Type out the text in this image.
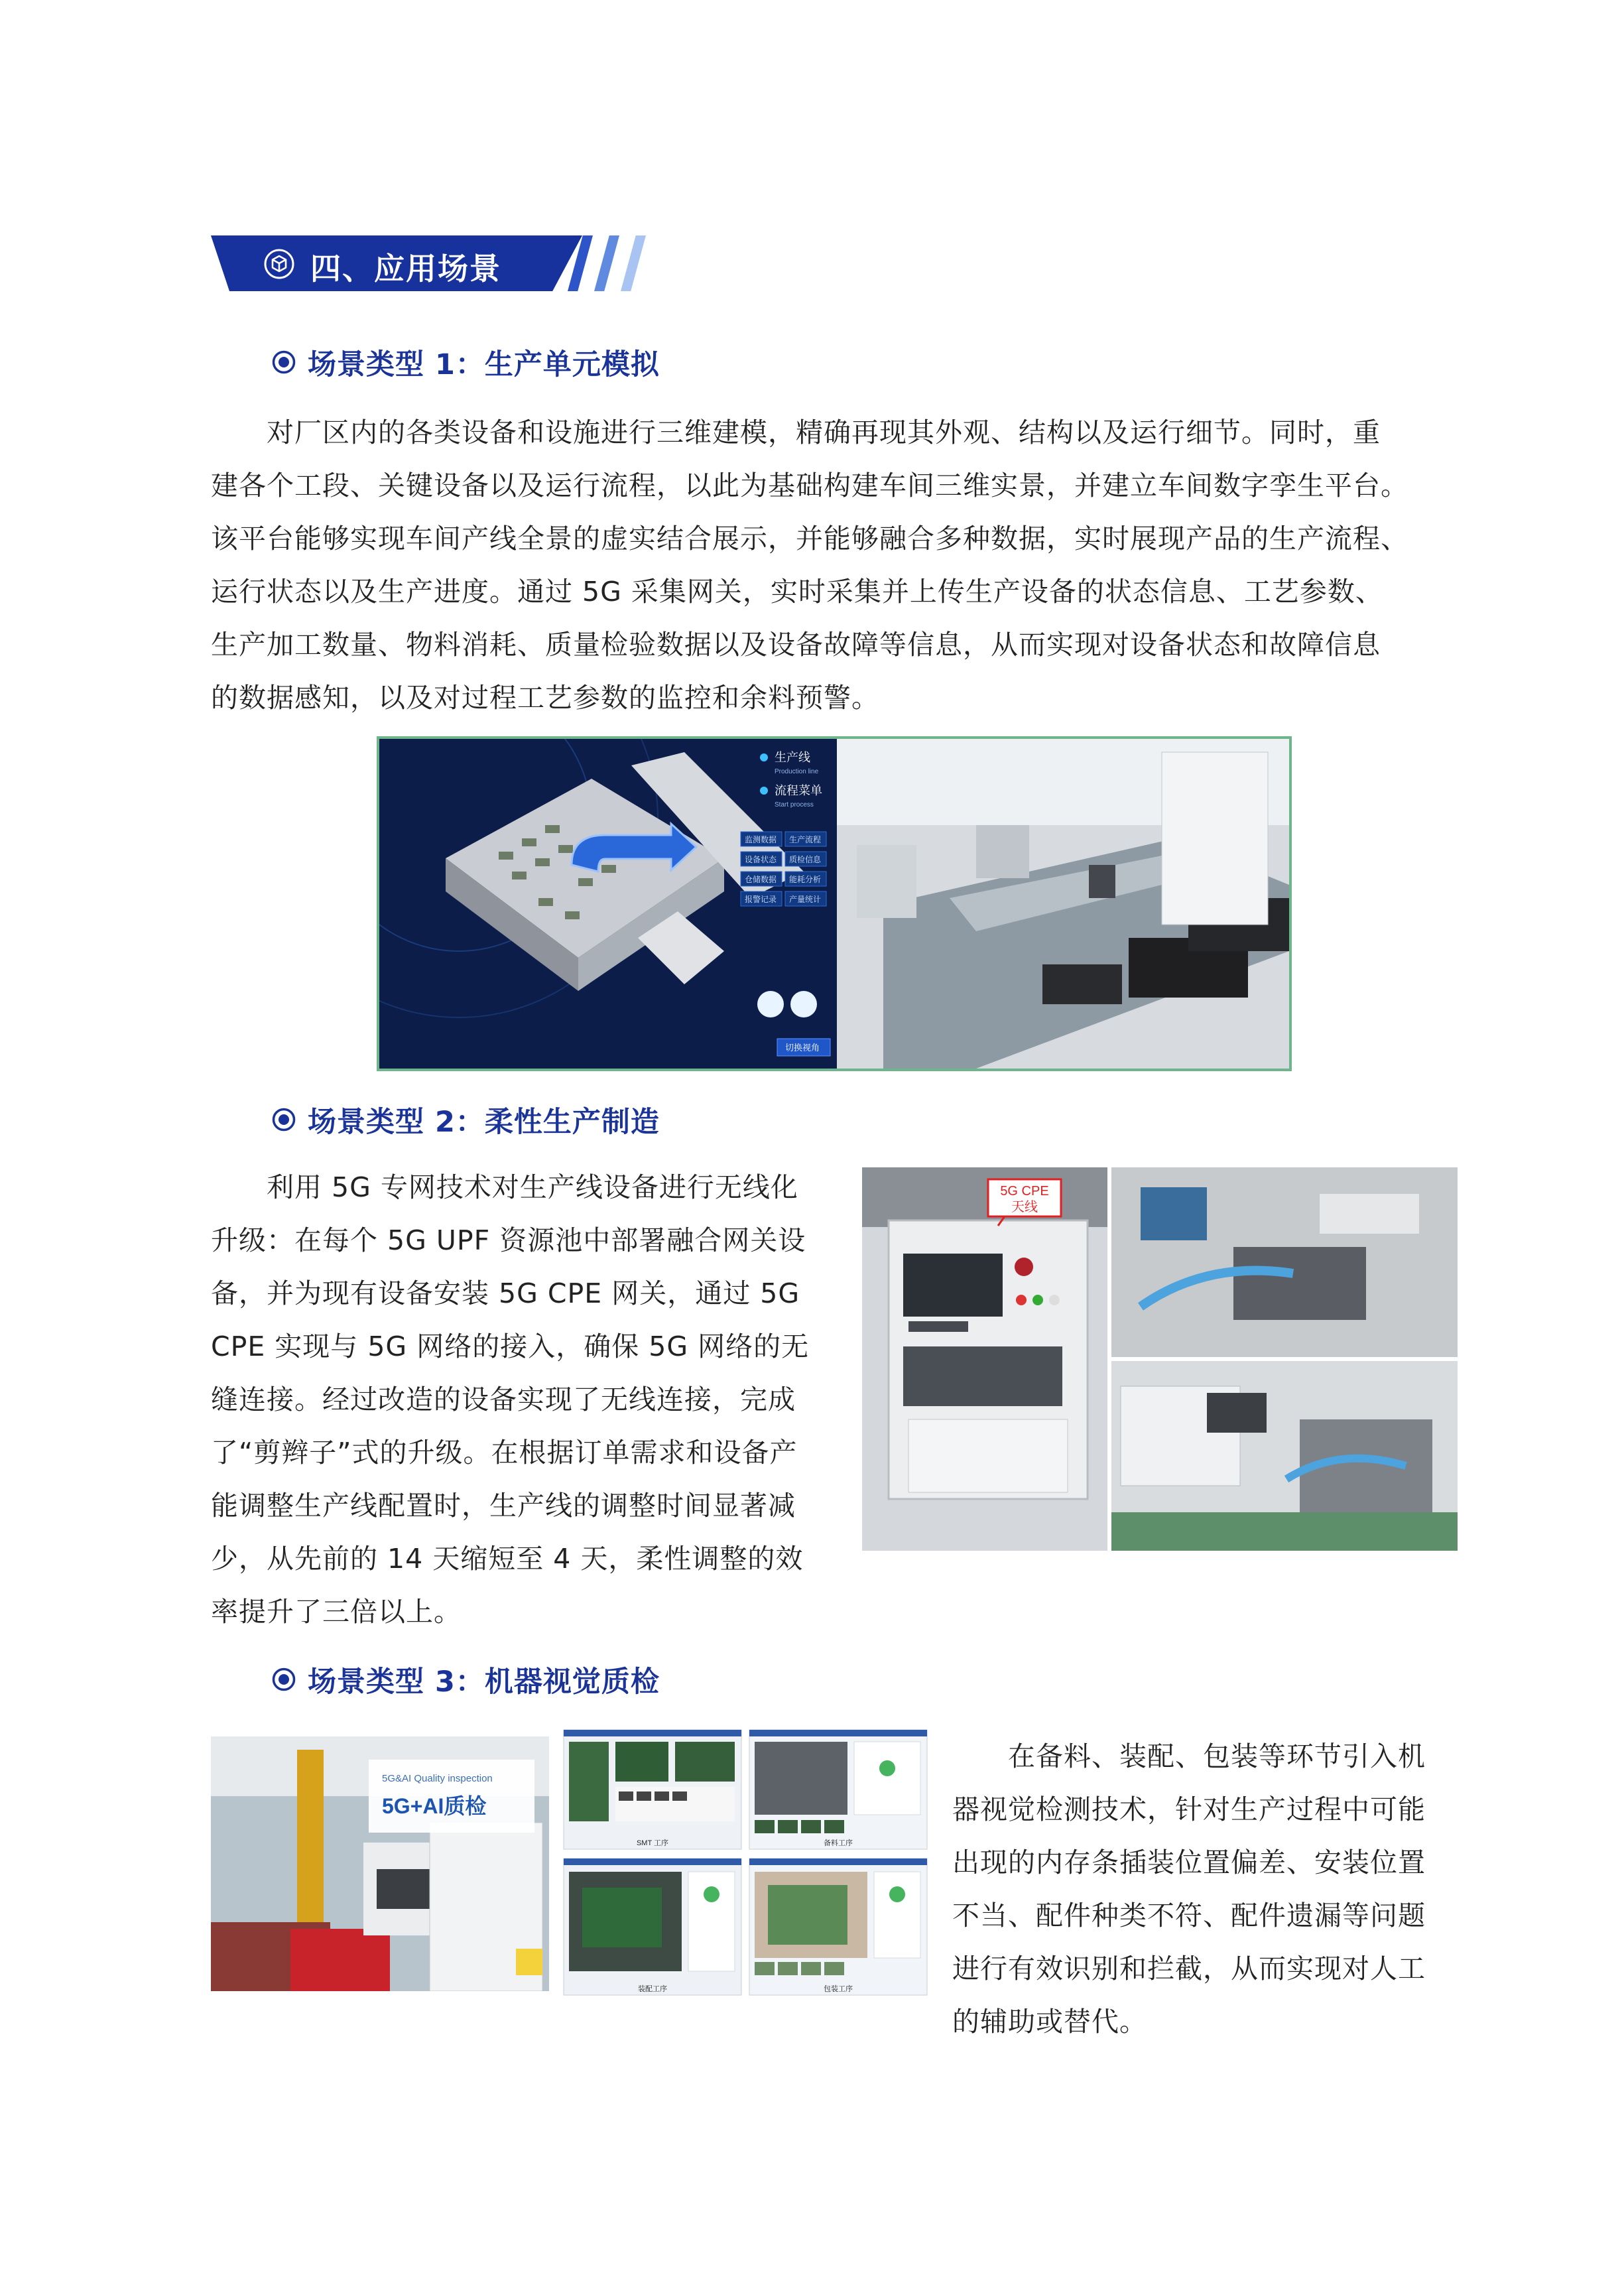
四、应用场景
场景类型 1：生产单元模拟
对厂区内的各类设备和设施进行三维建模，精确再现其外观、结构以及运行细节。同时，重
建各个工段、关键设备以及运行流程，以此为基础构建车间三维实景，并建立车间数字孪生平台。
该平台能够实现车间产线全景的虚实结合展示，并能够融合多种数据，实时展现产品的生产流程、
运行状态以及生产进度。通过 5G 采集网关，实时采集并上传生产设备的状态信息、工艺参数、
生产加工数量、物料消耗、质量检验数据以及设备故障等信息，从而实现对设备状态和故障信息
的数据感知，以及对过程工艺参数的监控和余料预警。
生产线
Production line
流程菜单
Start process
监测数据 生产流程
设备状态 质检信息
仓储数据 能耗分析
报警记录 产量统计
切换视角
场景类型 2：柔性生产制造
利用 5G 专网技术对生产线设备进行无线化
升级：在每个 5G UPF 资源池中部署融合网关设
备，并为现有设备安装 5G CPE 网关，通过 5G
CPE 实现与 5G 网络的接入，确保 5G 网络的无
缝连接。经过改造的设备实现了无线连接，完成
了“剪辫子”式的升级。在根据订单需求和设备产
能调整生产线配置时，生产线的调整时间显著减
少，从先前的 14 天缩短至 4 天，柔性调整的效
率提升了三倍以上。
5G CPE
天线
场景类型 3：机器视觉质检
5G&AI Quality inspection
5G+AI质检
SMT 工序	备料工序
装配工序	包装工序
在备料、装配、包装等环节引入机
器视觉检测技术，针对生产过程中可能
出现的内存条插装位置偏差、安装位置
不当、配件种类不符、配件遗漏等问题
进行有效识别和拦截，从而实现对人工
的辅助或替代。
